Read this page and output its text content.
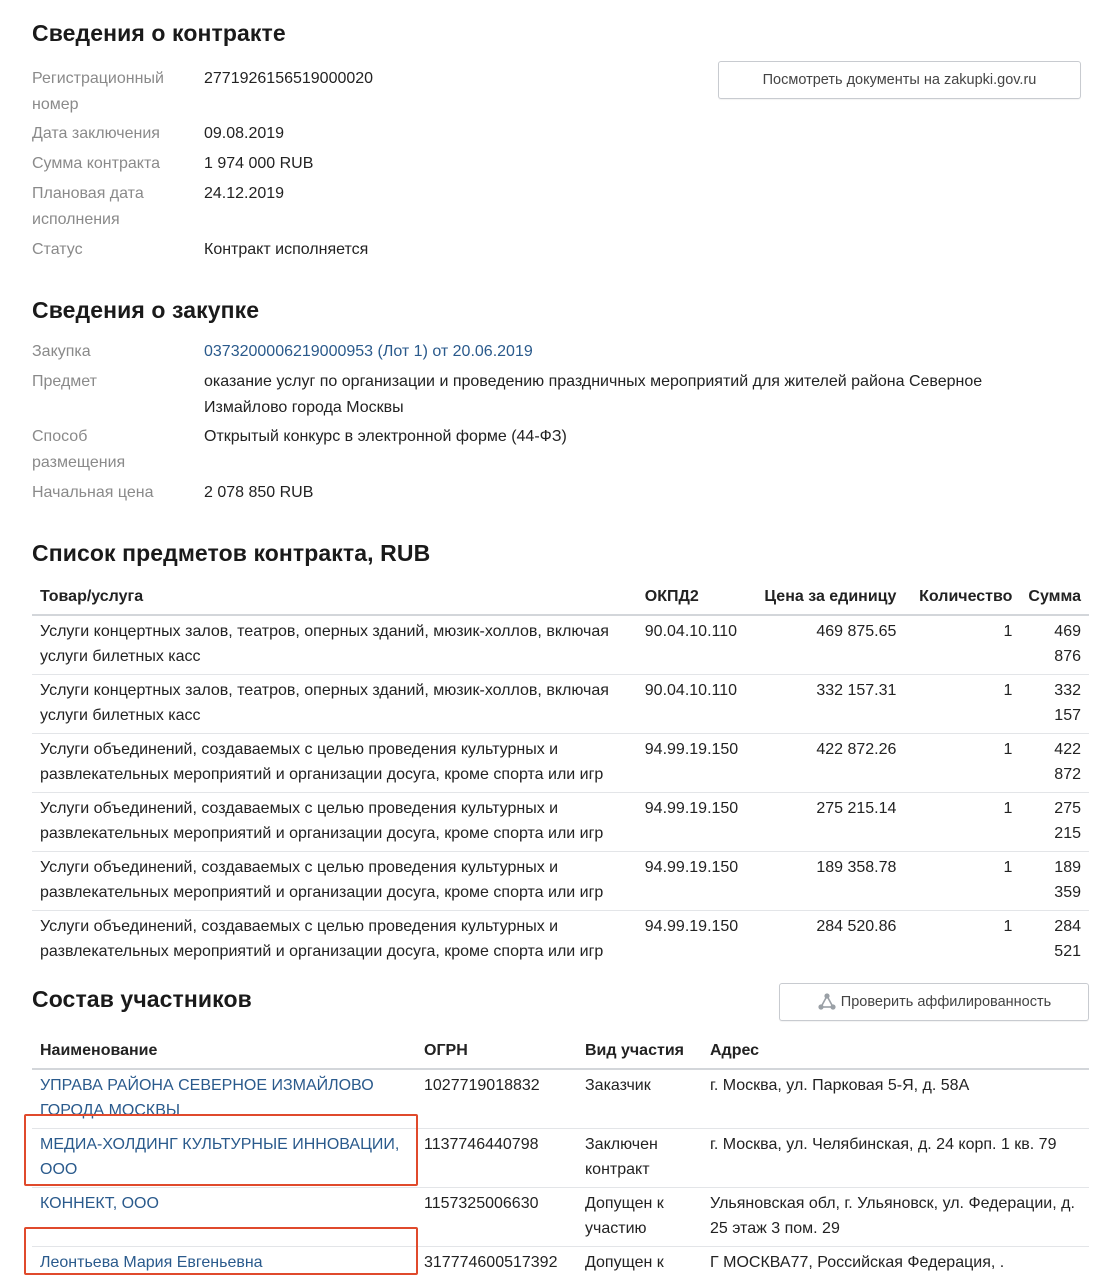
Сведения о контракте
Посмотреть документы на zakupki.gov.ru
Регистрационный номер
2771926156519000020
Дата заключения	09.08.2019
Сумма контракта	1 974 000 RUB
Плановая дата исполнения
24.12.2019
Статус	Контракт исполняется
Сведения о закупке
Закупка	0373200006219000953 (Лот 1) от 20.06.2019
Предмет	оказание услуг по организации и проведению праздничных мероприятий для жителей района Северное Измайлово города Москвы
Способ размещения
Открытый конкурс в электронной форме (44-ФЗ)
Начальная цена	2 078 850 RUB
Список предметов контракта, RUB
Товар/услуга	ОКПД2	Цена за единицу	Количество	Сумма
Услуги концертных залов, театров, оперных зданий, мюзик-холлов, включая услуги билетных касс	90.04.10.110	469 875.65	1	469 876
Услуги концертных залов, театров, оперных зданий, мюзик-холлов, включая услуги билетных касс	90.04.10.110	332 157.31	1	332 157
Услуги объединений, создаваемых с целью проведения культурных и развлекательных мероприятий и организации досуга, кроме спорта или игр	94.99.19.150	422 872.26	1	422 872
Услуги объединений, создаваемых с целью проведения культурных и развлекательных мероприятий и организации досуга, кроме спорта или игр	94.99.19.150	275 215.14	1	275 215
Услуги объединений, создаваемых с целью проведения культурных и развлекательных мероприятий и организации досуга, кроме спорта или игр	94.99.19.150	189 358.78	1	189 359
Услуги объединений, создаваемых с целью проведения культурных и развлекательных мероприятий и организации досуга, кроме спорта или игр	94.99.19.150	284 520.86	1	284 521
Состав участников	Проверить аффилированность
Наименование	ОГРН	Вид участия	Адрес
УПРАВА РАЙОНА СЕВЕРНОЕ ИЗМАЙЛОВО ГОРОДА МОСКВЫ	1027719018832	Заказчик	г. Москва, ул. Парковая 5-Я, д. 58А
МЕДИА-ХОЛДИНГ КУЛЬТУРНЫЕ ИННОВАЦИИ, ООО	1137746440798	Заключен контракт	г. Москва, ул. Челябинская, д. 24 корп. 1 кв. 79
КОННЕКТ, ООО	1157325006630	Допущен к участию	Ульяновская обл, г. Ульяновск, ул. Федерации, д. 25 этаж 3 пом. 29
Леонтьева Мария Евгеньевна	317774600517392	Допущен к	Г МОСКВА77, Российская Федерация, .
